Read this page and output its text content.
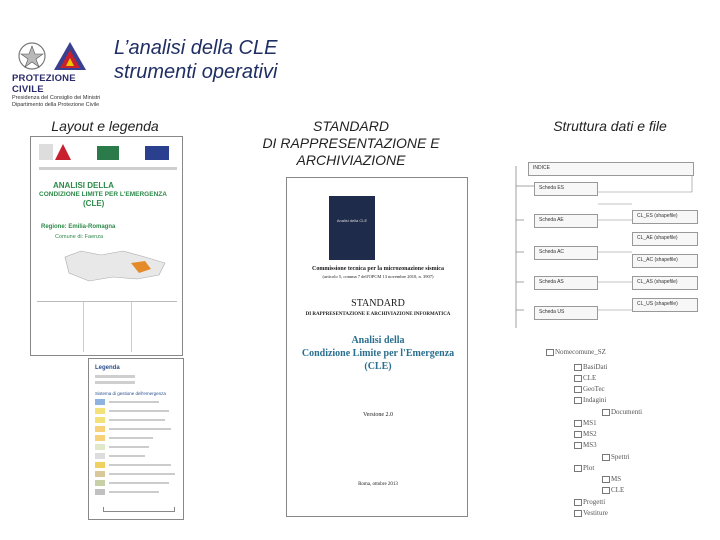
PROTEZIONE CIVILE
Presidenza del Consiglio dei Ministri
Dipartimento della Protezione Civile
L’analisi della CLE
strumenti operativi
Layout e legenda	STANDARD
DI RAPPRESENTAZIONE E
ARCHIVIAZIONE
Struttura dati e file
ANALISI DELLA
CONDIZIONE LIMITE PER L'EMERGENZA
(CLE)
Regione: Emilia-Romagna
Comune di: Faenza
Legenda
Sistema di gestione dell'emergenza
Analisi della CLE
Commissione tecnica per la microzonazione sismica
(articolo 5, comma 7 dell'OPCM 13 novembre 2010, n. 3907)
STANDARD
DI RAPPRESENTAZIONE E ARCHIVIAZIONE INFORMATICA
Analisi della
Condizione Limite per l'Emergenza
(CLE)
Versione 2.0
Roma, ottobre 2013
INDICE
Scheda ES
Scheda AE
Scheda AC
Scheda AS
Scheda US
CL_ES (shapefile)
CL_AE (shapefile)
CL_AC (shapefile)
CL_AS (shapefile)
CL_US (shapefile)
Nomecomune_SZ
BasiDati
CLE
GeoTec
Indagini
Documenti
MS1
MS2
MS3
Spettri
Plot
MS
CLE
Progetti
Vestiture
